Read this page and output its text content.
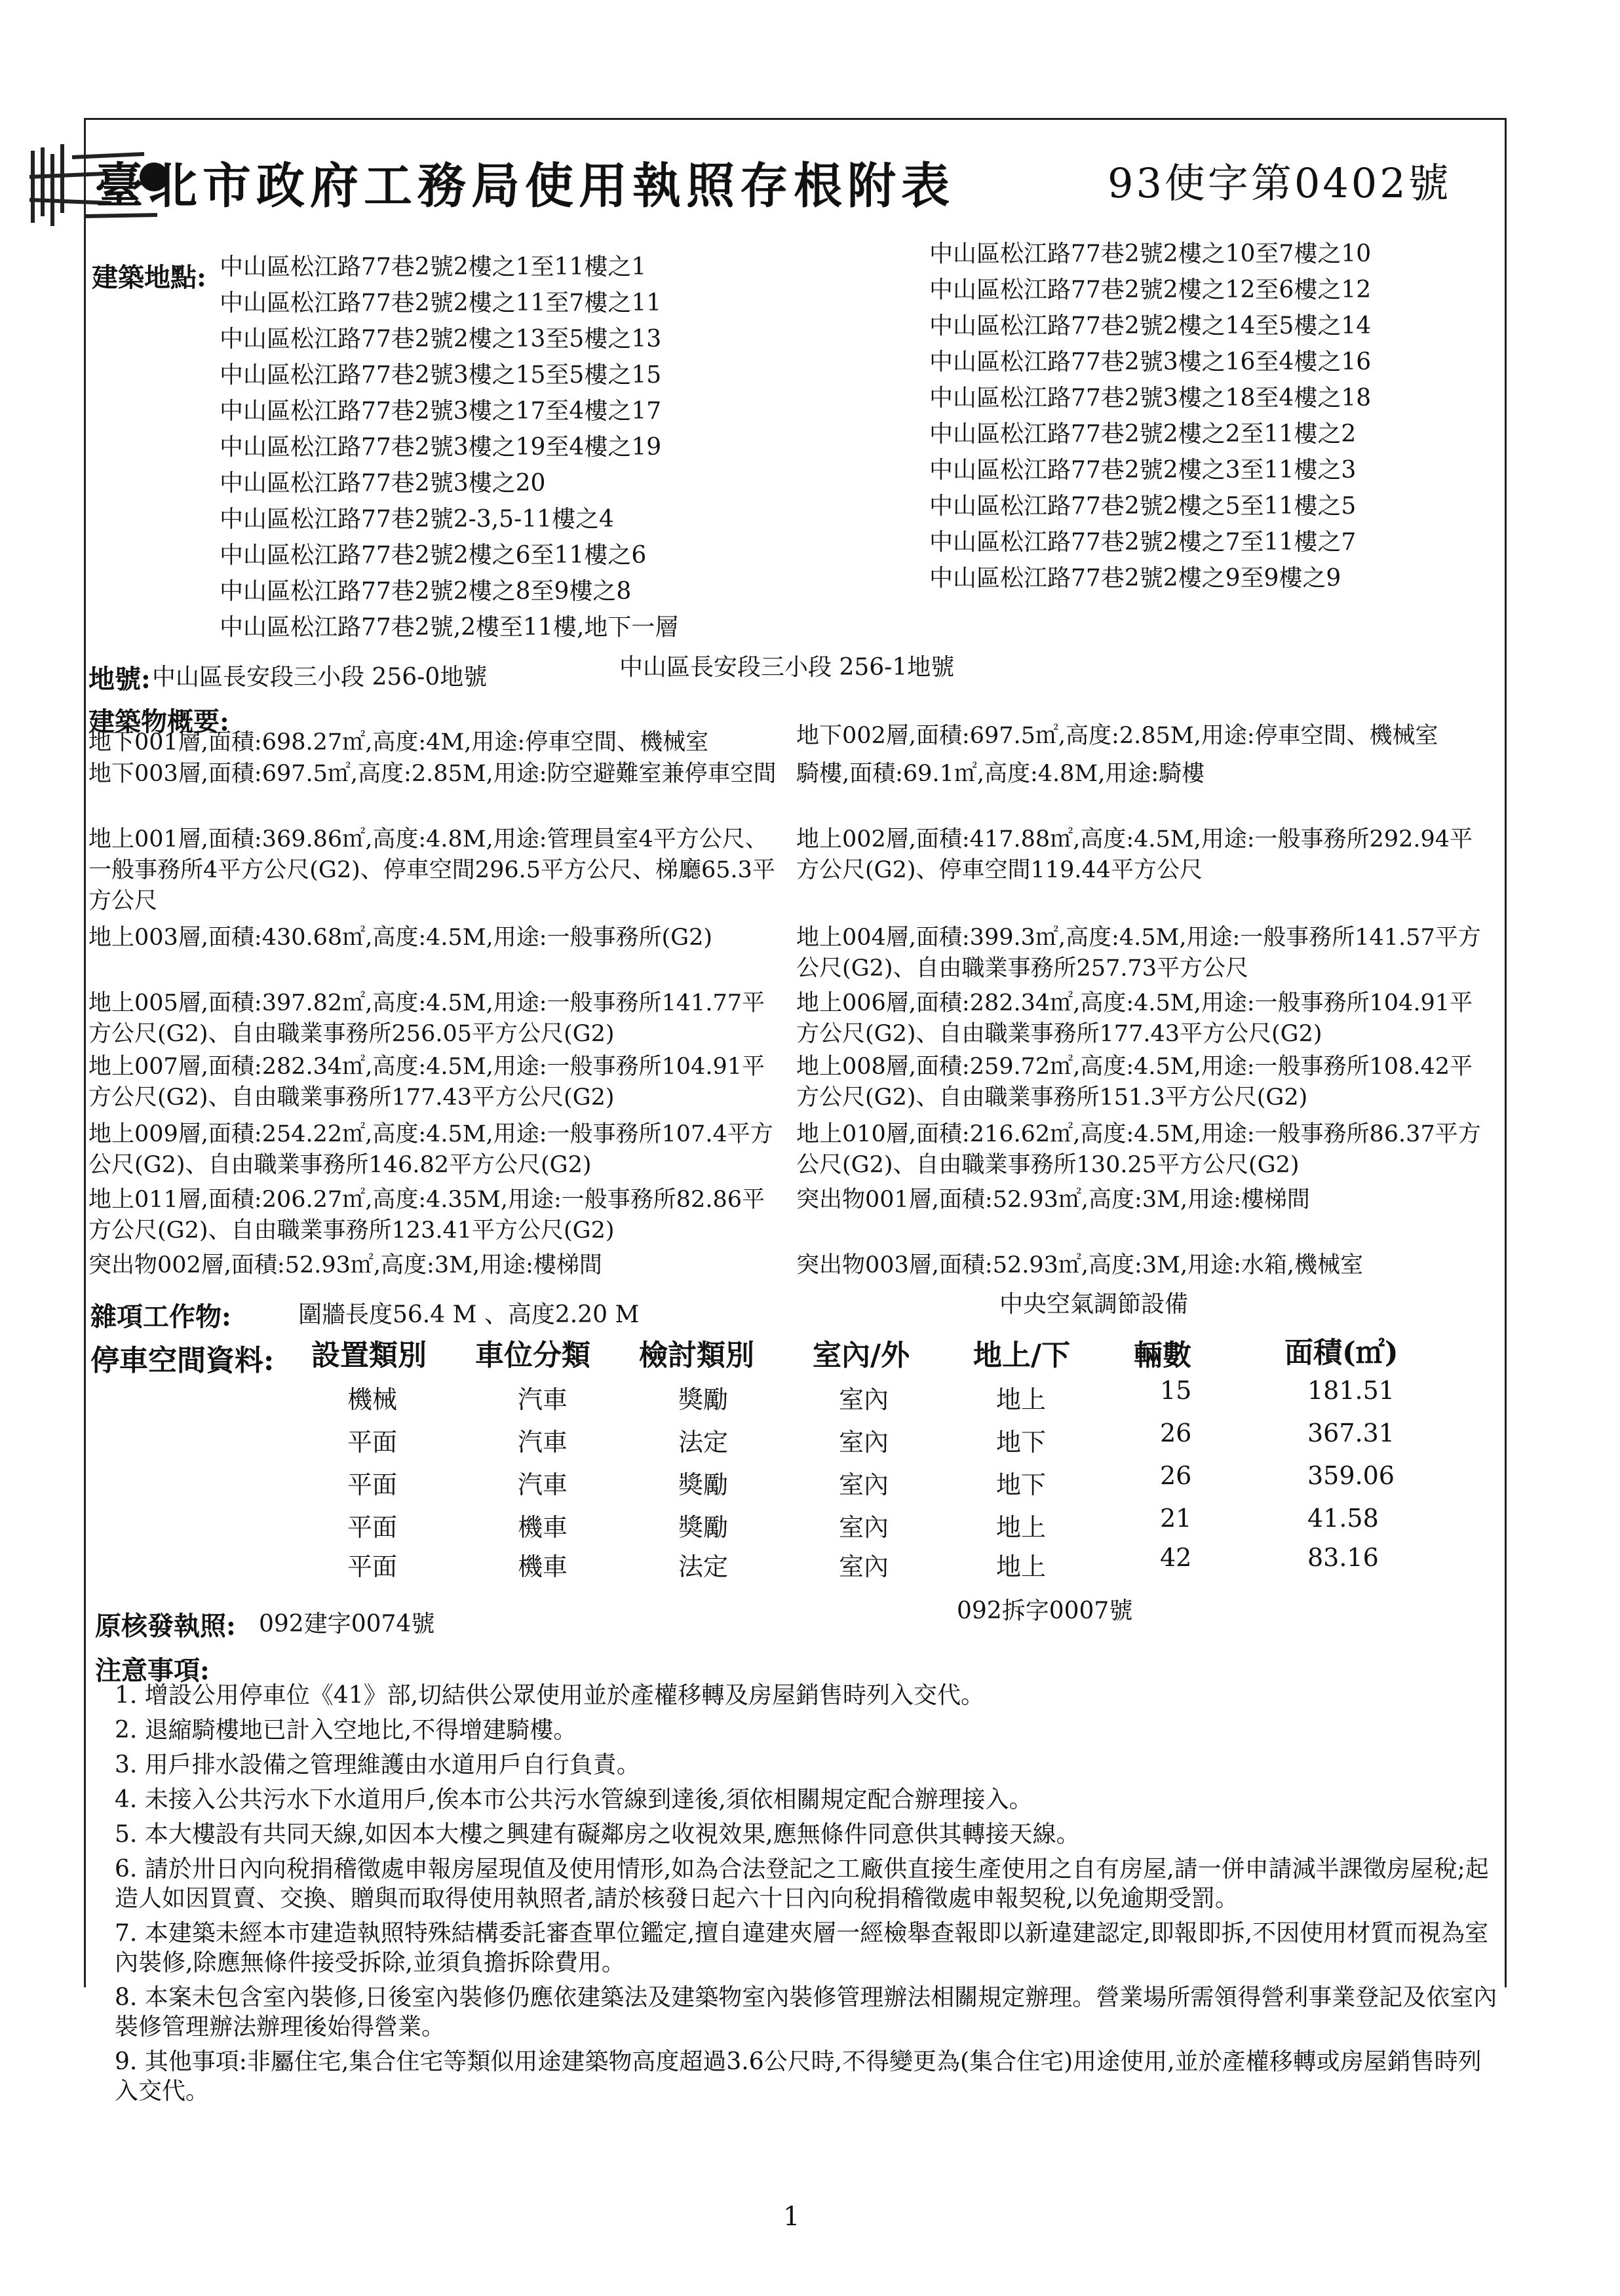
臺北市政府工務局使用執照存根附表	93使字第0402號
建築地點: 中山區松江路77巷2號2樓之1至11樓之1
中山區松江路77巷2號2樓之11至7樓之11
中山區松江路77巷2號2樓之13至5樓之13
中山區松江路77巷2號3樓之15至5樓之15
中山區松江路77巷2號3樓之17至4樓之17
中山區松江路77巷2號3樓之19至4樓之19
中山區松江路77巷2號3樓之20
中山區松江路77巷2號2-3,5-11樓之4
中山區松江路77巷2號2樓之6至11樓之6
中山區松江路77巷2號2樓之8至9樓之8
中山區松江路77巷2號,2樓至11樓,地下一層
中山區松江路77巷2號2樓之10至7樓之10
中山區松江路77巷2號2樓之12至6樓之12
中山區松江路77巷2號2樓之14至5樓之14
中山區松江路77巷2號3樓之16至4樓之16
中山區松江路77巷2號3樓之18至4樓之18
中山區松江路77巷2號2樓之2至11樓之2
中山區松江路77巷2號2樓之3至11樓之3
中山區松江路77巷2號2樓之5至11樓之5
中山區松江路77巷2號2樓之7至11樓之7
中山區松江路77巷2號2樓之9至9樓之9
地號: 中山區長安段三小段 256-0地號	中山區長安段三小段 256-1地號
建築物概要:
地下001層,面積:698.27㎡,高度:4M,用途:停車空間、機械室
地下003層,面積:697.5㎡,高度:2.85M,用途:防空避難室兼停車空間
地上001層,面積:369.86㎡,高度:4.8M,用途:管理員室4平方公尺、一般事務所4平方公尺(G2)、停車空間296.5平方公尺、梯廳65.3平方公尺
地上003層,面積:430.68㎡,高度:4.5M,用途:一般事務所(G2)
地上005層,面積:397.82㎡,高度:4.5M,用途:一般事務所141.77平方公尺(G2)、自由職業事務所256.05平方公尺(G2)
地上007層,面積:282.34㎡,高度:4.5M,用途:一般事務所104.91平方公尺(G2)、自由職業事務所177.43平方公尺(G2)
地上009層,面積:254.22㎡,高度:4.5M,用途:一般事務所107.4平方公尺(G2)、自由職業事務所146.82平方公尺(G2)
地上011層,面積:206.27㎡,高度:4.35M,用途:一般事務所82.86平方公尺(G2)、自由職業事務所123.41平方公尺(G2)
突出物002層,面積:52.93㎡,高度:3M,用途:樓梯間
地下002層,面積:697.5㎡,高度:2.85M,用途:停車空間、機械室
騎樓,面積:69.1㎡,高度:4.8M,用途:騎樓
地上002層,面積:417.88㎡,高度:4.5M,用途:一般事務所292.94平方公尺(G2)、停車空間119.44平方公尺
地上004層,面積:399.3㎡,高度:4.5M,用途:一般事務所141.57平方公尺(G2)、自由職業事務所257.73平方公尺
地上006層,面積:282.34㎡,高度:4.5M,用途:一般事務所104.91平方公尺(G2)、自由職業事務所177.43平方公尺(G2)
地上008層,面積:259.72㎡,高度:4.5M,用途:一般事務所108.42平方公尺(G2)、自由職業事務所151.3平方公尺(G2)
地上010層,面積:216.62㎡,高度:4.5M,用途:一般事務所86.37平方公尺(G2)、自由職業事務所130.25平方公尺(G2)
突出物001層,面積:52.93㎡,高度:3M,用途:樓梯間
突出物003層,面積:52.93㎡,高度:3M,用途:水箱,機械室
雜項工作物:	圍牆長度56.4 M 、高度2.20 M	中央空氣調節設備
停車空間資料: 設置類別 車位分類 檢討類別 室內/外 地上/下 輛數	面積(㎡)
機械	汽車	獎勵	室內	地上	15	181.51
平面	汽車	法定	室內	地下	26	367.31
平面	汽車	獎勵	室內	地下	26	359.06
平面	機車	獎勵	室內	地上	21	41.58
平面	機車	法定	室內	地上	42	83.16
原核發執照: 092建字0074號	092拆字0007號
注意事項:
1. 增設公用停車位《41》部,切結供公眾使用並於產權移轉及房屋銷售時列入交代。
2. 退縮騎樓地已計入空地比,不得增建騎樓。
3. 用戶排水設備之管理維護由水道用戶自行負責。
4. 未接入公共污水下水道用戶,俟本市公共污水管線到達後,須依相關規定配合辦理接入。
5. 本大樓設有共同天線,如因本大樓之興建有礙鄰房之收視效果,應無條件同意供其轉接天線。
6. 請於卅日內向稅捐稽徵處申報房屋現值及使用情形,如為合法登記之工廠供直接生產使用之自有房屋,請一併申請減半課徵房屋稅;起造人如因買賣、交換、贈與而取得使用執照者,請於核發日起六十日內向稅捐稽徵處申報契稅,以免逾期受罰。
7. 本建築未經本市建造執照特殊結構委託審查單位鑑定,擅自違建夾層一經檢舉查報即以新違建認定,即報即拆,不因使用材質而視為室內裝修,除應無條件接受拆除,並須負擔拆除費用。
8. 本案未包含室內裝修,日後室內裝修仍應依建築法及建築物室內裝修管理辦法相關規定辦理。營業場所需領得營利事業登記及依室內裝修管理辦法辦理後始得營業。
9. 其他事項:非屬住宅,集合住宅等類似用途建築物高度超過3.6公尺時,不得變更為(集合住宅)用途使用,並於產權移轉或房屋銷售時列入交代。
1
